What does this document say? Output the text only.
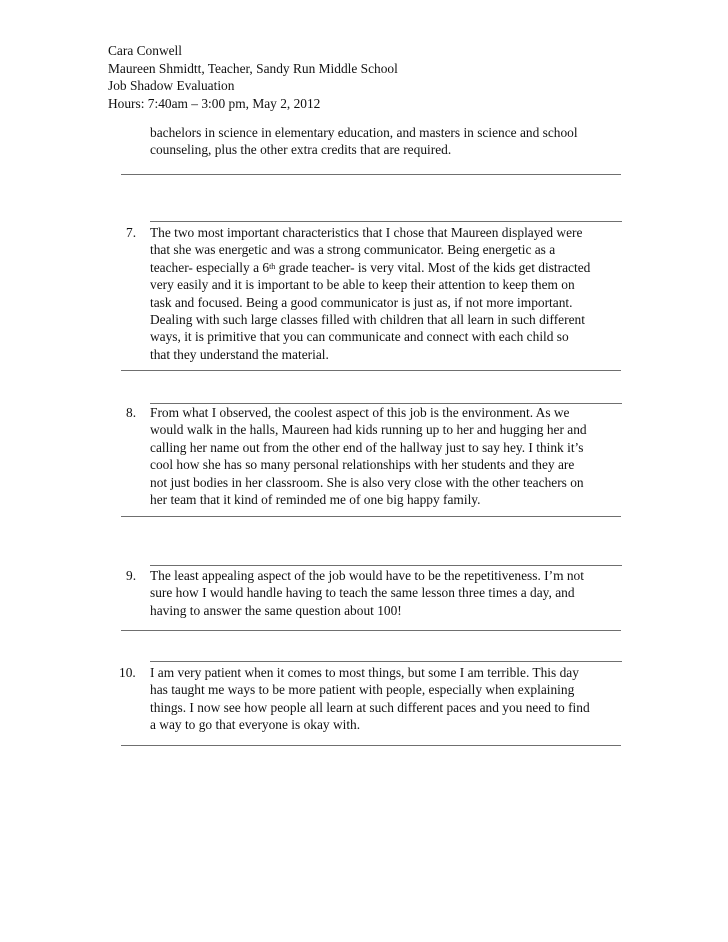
Cara Conwell
Maureen Shmidtt, Teacher, Sandy Run Middle School
Job Shadow Evaluation
Hours: 7:40am – 3:00 pm, May 2, 2012
bachelors in science in elementary education, and masters in science and school
counseling, plus the other extra credits that are required.
7. The two most important characteristics that I chose that Maureen displayed were
that she was energetic and was a strong communicator. Being energetic as a
teacher- especially a 6th grade teacher- is very vital. Most of the kids get distracted
very easily and it is important to be able to keep their attention to keep them on
task and focused. Being a good communicator is just as, if not more important.
Dealing with such large classes filled with children that all learn in such different
ways, it is primitive that you can communicate and connect with each child so
that they understand the material.
8. From what I observed, the coolest aspect of this job is the environment. As we
would walk in the halls, Maureen had kids running up to her and hugging her and
calling her name out from the other end of the hallway just to say hey. I think it’s
cool how she has so many personal relationships with her students and they are
not just bodies in her classroom. She is also very close with the other teachers on
her team that it kind of reminded me of one big happy family.
9. The least appealing aspect of the job would have to be the repetitiveness. I’m not
sure how I would handle having to teach the same lesson three times a day, and
having to answer the same question about 100!
10. I am very patient when it comes to most things, but some I am terrible. This day
has taught me ways to be more patient with people, especially when explaining
things. I now see how people all learn at such different paces and you need to find
a way to go that everyone is okay with.
